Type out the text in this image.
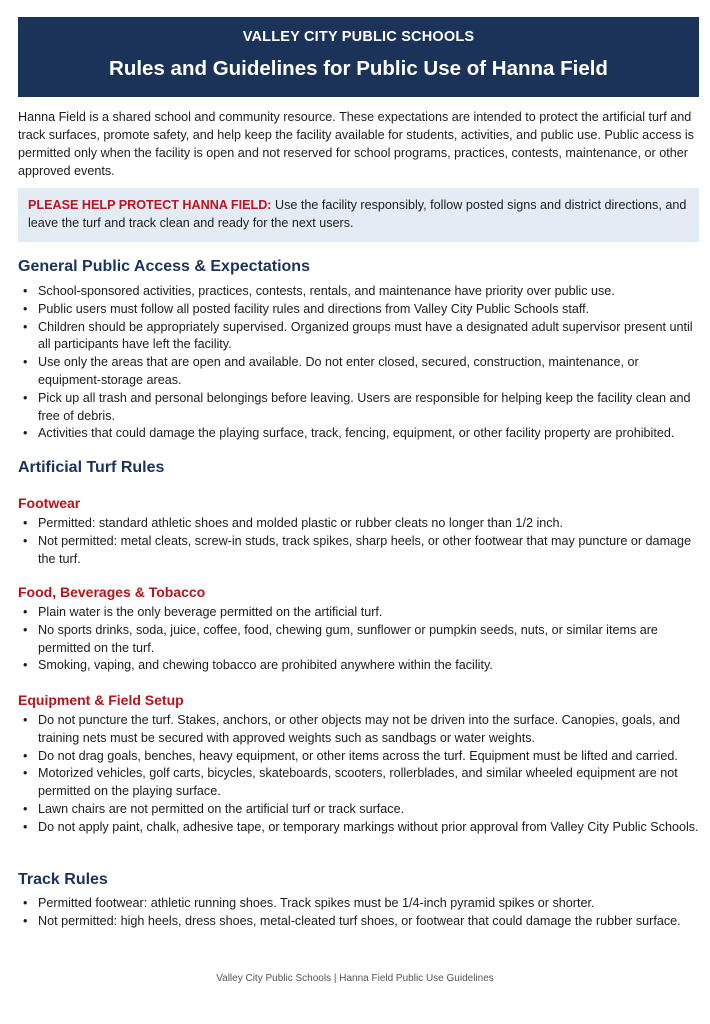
VALLEY CITY PUBLIC SCHOOLS
Rules and Guidelines for Public Use of Hanna Field
Hanna Field is a shared school and community resource. These expectations are intended to protect the artificial turf and track surfaces, promote safety, and help keep the facility available for students, activities, and public use. Public access is permitted only when the facility is open and not reserved for school programs, practices, contests, maintenance, or other approved events.
PLEASE HELP PROTECT HANNA FIELD: Use the facility responsibly, follow posted signs and district directions, and leave the turf and track clean and ready for the next users.
General Public Access & Expectations
• School-sponsored activities, practices, contests, rentals, and maintenance have priority over public use.
• Public users must follow all posted facility rules and directions from Valley City Public Schools staff.
• Children should be appropriately supervised. Organized groups must have a designated adult supervisor present until all participants have left the facility.
• Use only the areas that are open and available. Do not enter closed, secured, construction, maintenance, or equipment-storage areas.
• Pick up all trash and personal belongings before leaving. Users are responsible for helping keep the facility clean and free of debris.
• Activities that could damage the playing surface, track, fencing, equipment, or other facility property are prohibited.
Artificial Turf Rules
Footwear
• Permitted: standard athletic shoes and molded plastic or rubber cleats no longer than 1/2 inch.
• Not permitted: metal cleats, screw-in studs, track spikes, sharp heels, or other footwear that may puncture or damage the turf.
Food, Beverages & Tobacco
• Plain water is the only beverage permitted on the artificial turf.
• No sports drinks, soda, juice, coffee, food, chewing gum, sunflower or pumpkin seeds, nuts, or similar items are permitted on the turf.
• Smoking, vaping, and chewing tobacco are prohibited anywhere within the facility.
Equipment & Field Setup
• Do not puncture the turf. Stakes, anchors, or other objects may not be driven into the surface. Canopies, goals, and training nets must be secured with approved weights such as sandbags or water weights.
• Do not drag goals, benches, heavy equipment, or other items across the turf. Equipment must be lifted and carried.
• Motorized vehicles, golf carts, bicycles, skateboards, scooters, rollerblades, and similar wheeled equipment are not permitted on the playing surface.
• Lawn chairs are not permitted on the artificial turf or track surface.
• Do not apply paint, chalk, adhesive tape, or temporary markings without prior approval from Valley City Public Schools.
Track Rules
• Permitted footwear: athletic running shoes. Track spikes must be 1/4-inch pyramid spikes or shorter.
• Not permitted: high heels, dress shoes, metal-cleated turf shoes, or footwear that could damage the rubber surface.
Valley City Public Schools | Hanna Field Public Use Guidelines
